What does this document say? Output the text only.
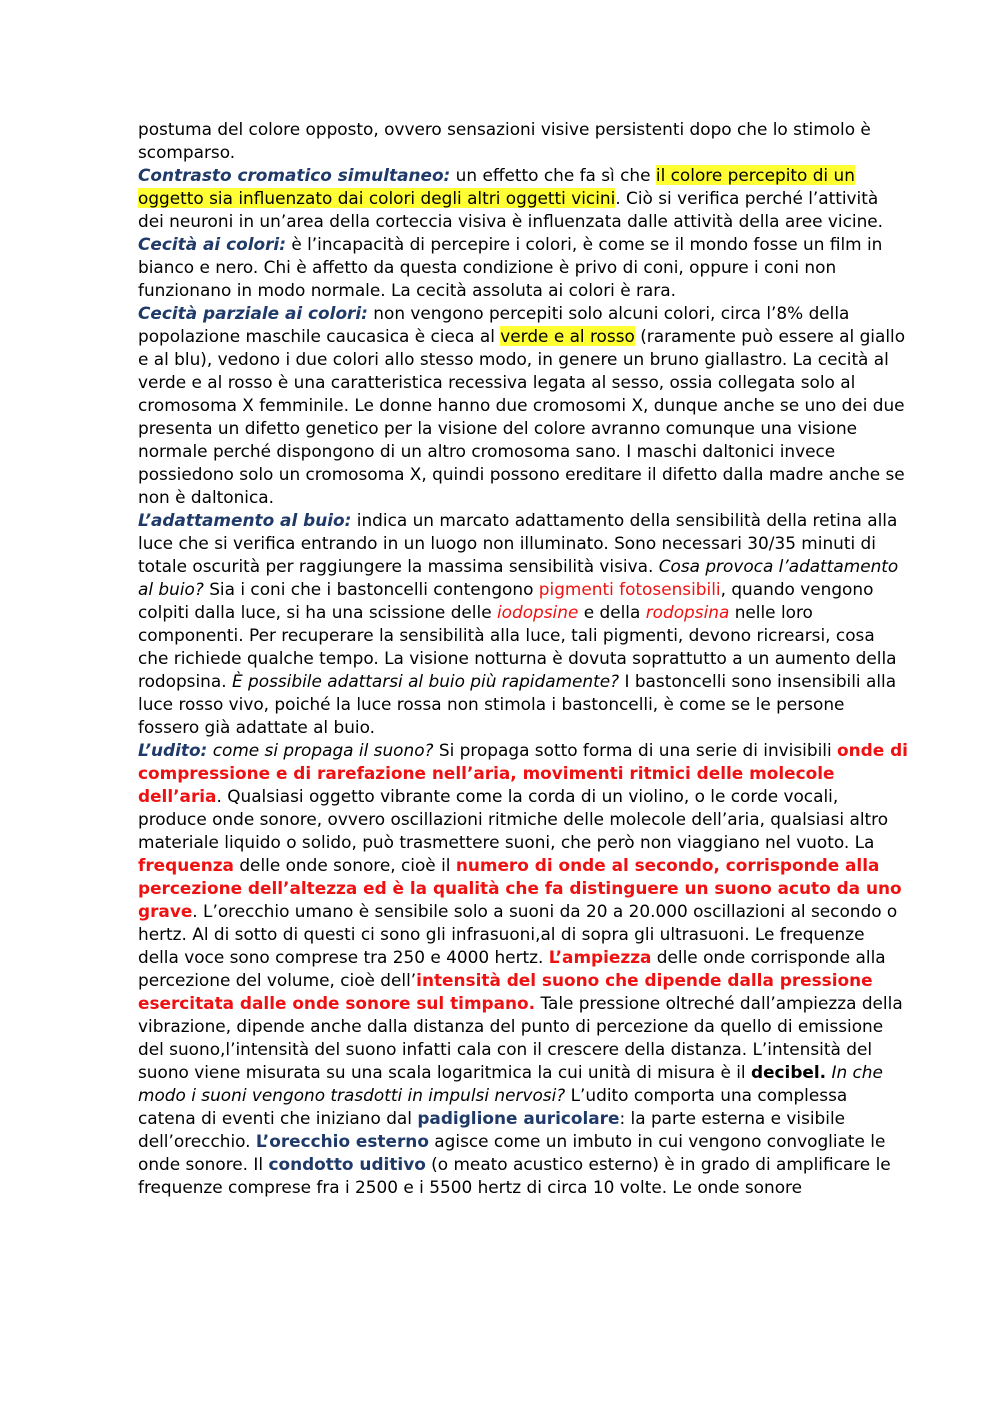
postuma del colore opposto, ovvero sensazioni visive persistenti dopo che lo stimolo è scomparso.

Contrasto cromatico simultaneo: un effetto che fa sì che il colore percepito di un oggetto sia influenzato dai colori degli altri oggetti vicini. Ciò si verifica perché l’attività dei neuroni in un’area della corteccia visiva è influenzata dalle attività della aree vicine.

Cecità ai colori: è l’incapacità di percepire i colori, è come se il mondo fosse un film in bianco e nero. Chi è affetto da questa condizione è privo di coni, oppure i coni non funzionano in modo normale. La cecità assoluta ai colori è rara.

Cecità parziale ai colori: non vengono percepiti solo alcuni colori, circa l’8% della popolazione maschile caucasica è cieca al verde e al rosso (raramente può essere al giallo e al blu), vedono i due colori allo stesso modo, in genere un bruno giallastro. La cecità al verde e al rosso è una caratteristica recessiva legata al sesso, ossia collegata solo al cromosoma X femminile. Le donne hanno due cromosomi X, dunque anche se uno dei due presenta un difetto genetico per la visione del colore avranno comunque una visione normale perché dispongono di un altro cromosoma sano. I maschi daltonici invece possiedono solo un cromosoma X, quindi possono ereditare il difetto dalla madre anche se non è daltonica.

L’adattamento al buio: indica un marcato adattamento della sensibilità della retina alla luce che si verifica entrando in un luogo non illuminato. Sono necessari 30/35 minuti di totale oscurità per raggiungere la massima sensibilità visiva. Cosa provoca l’adattamento al buio? Sia i coni che i bastoncelli contengono pigmenti fotosensibili, quando vengono colpiti dalla luce, si ha una scissione delle iodopsine e della rodopsina nelle loro componenti. Per recuperare la sensibilità alla luce, tali pigmenti, devono ricrearsi, cosa che richiede qualche tempo. La visione notturna è dovuta soprattutto a un aumento della rodopsina. È possibile adattarsi al buio più rapidamente? I bastoncelli sono insensibili alla luce rosso vivo, poiché la luce rossa non stimola i bastoncelli, è come se le persone fossero già adattate al buio.

L’udito: come si propaga il suono? Si propaga sotto forma di una serie di invisibili onde di compressione e di rarefazione nell’aria, movimenti ritmici delle molecole dell’aria. Qualsiasi oggetto vibrante come la corda di un violino, o le corde vocali, produce onde sonore, ovvero oscillazioni ritmiche delle molecole dell’aria, qualsiasi altro materiale liquido o solido, può trasmettere suoni, che però non viaggiano nel vuoto. La frequenza delle onde sonore, cioè il numero di onde al secondo, corrisponde alla percezione dell’altezza ed è la qualità che fa distinguere un suono acuto da uno grave. L’orecchio umano è sensibile solo a suoni da 20 a 20.000 oscillazioni al secondo o hertz. Al di sotto di questi ci sono gli infrasuoni,al di sopra gli ultrasuoni. Le frequenze della voce sono comprese tra 250 e 4000 hertz. L’ampiezza delle onde corrisponde alla percezione del volume, cioè dell’intensità del suono che dipende dalla pressione esercitata dalle onde sonore sul timpano. Tale pressione oltreché dall’ampiezza della vibrazione, dipende anche dalla distanza del punto di percezione da quello di emissione del suono,l’intensità del suono infatti cala con il crescere della distanza. L’intensità del suono viene misurata su una scala logaritmica la cui unità di misura è il decibel. In che modo i suoni vengono trasdotti in impulsi nervosi? L’udito comporta una complessa catena di eventi che iniziano dal padiglione auricolare: la parte esterna e visibile dell’orecchio. L’orecchio esterno agisce come un imbuto in cui vengono convogliate le onde sonore. Il condotto uditivo (o meato acustico esterno) è in grado di amplificare le frequenze comprese fra i 2500 e i 5500 hertz di circa 10 volte. Le onde sonore
